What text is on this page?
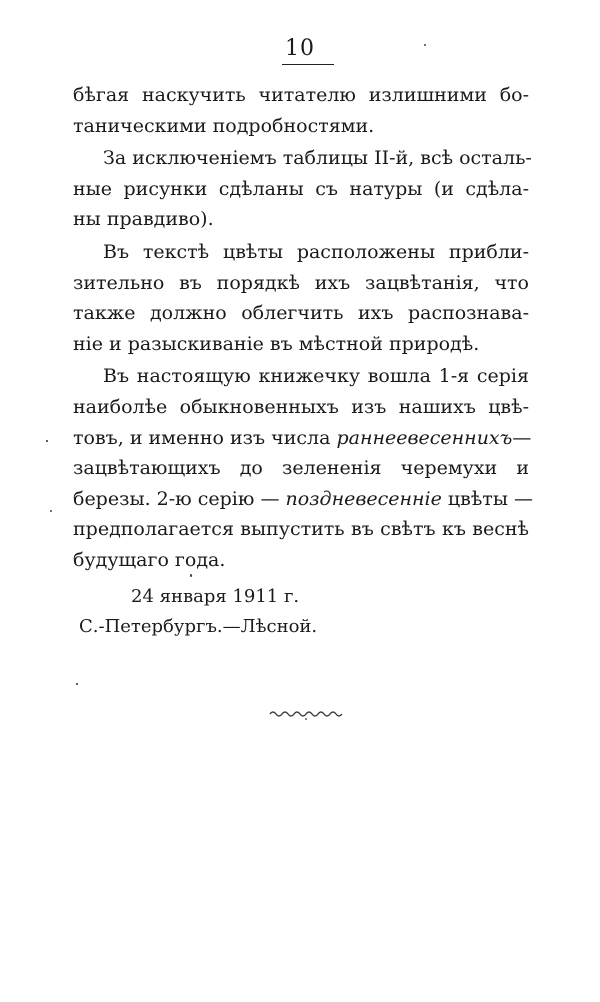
10
бѣгая наскучить читателю излишними бо-
таническими подробностями.
За исключеніемъ таблицы II-й, всѣ осталь-
ные рисунки сдѣланы съ натуры (и сдѣла-
ны правдиво).
Въ текстѣ цвѣты расположены прибли-
зительно въ порядкѣ ихъ зацвѣтанія, что
также должно облегчить ихъ распознава-
ніе и разыскиваніе въ мѣстной природѣ.
Въ настоящую книжечку вошла 1-я серія
наиболѣе обыкновенныхъ изъ нашихъ цвѣ-
товъ, и именно изъ числа раннеевесеннихъ—
зацвѣтающихъ до зелененія черемухи и
березы. 2-ю серію — поздневесенніе цвѣты —
предполагается выпустить въ свѣтъ къ веснѣ
будущаго года.
24 января 1911 г.
С.-Петербургъ.—Лѣсной.
